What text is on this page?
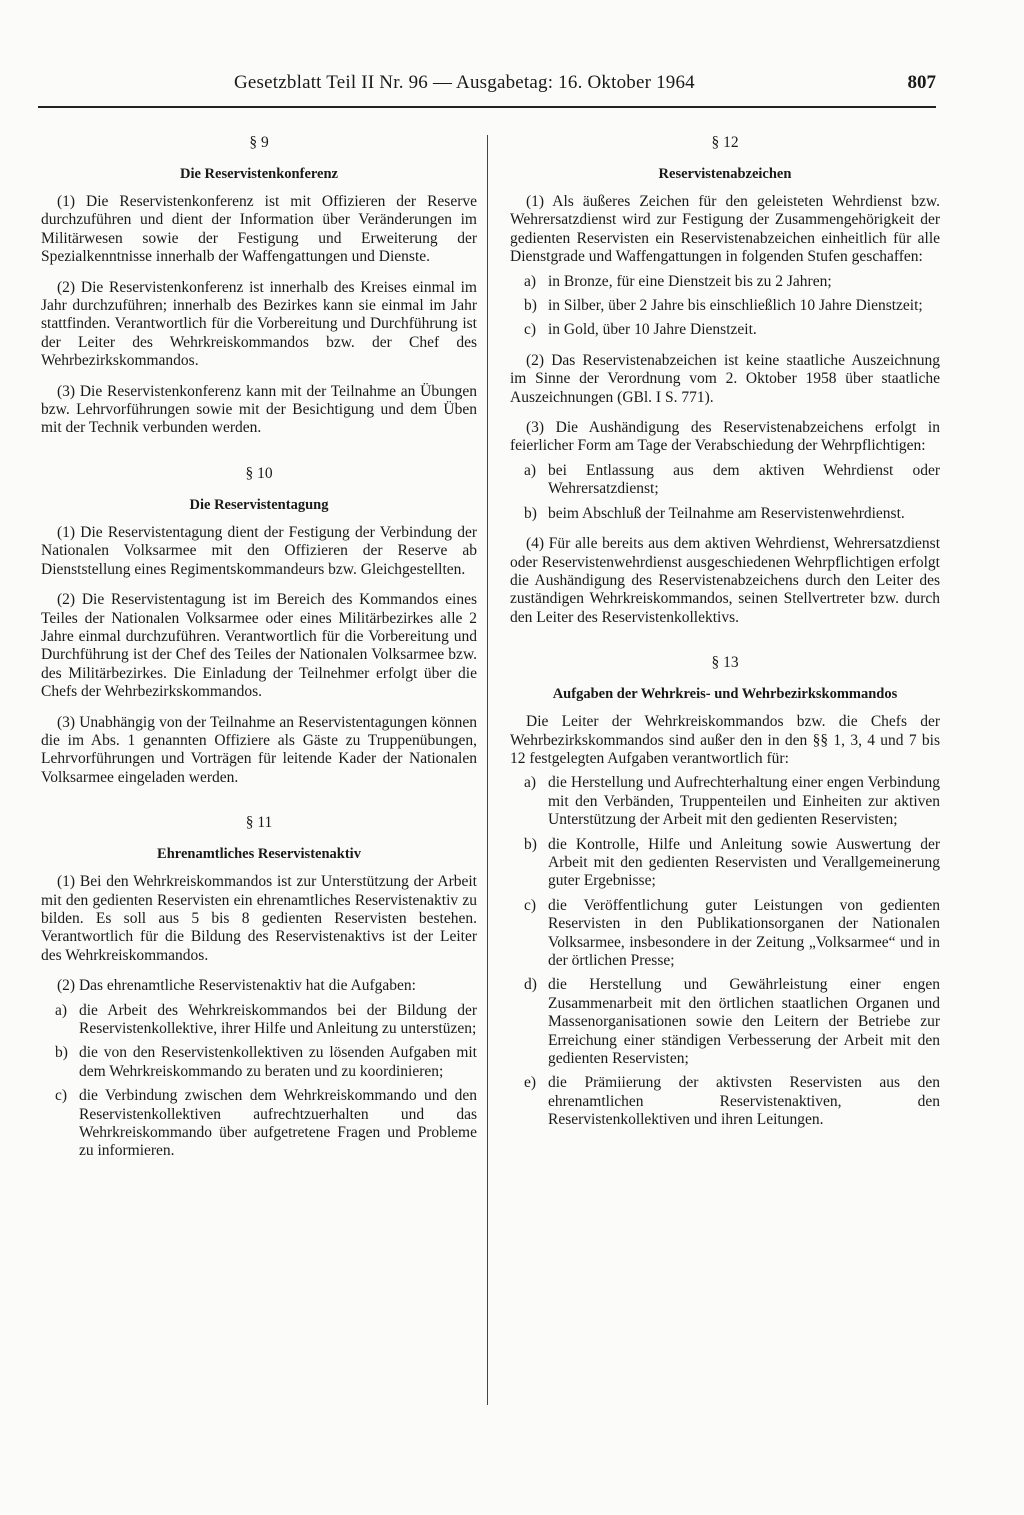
Gesetzblatt Teil II Nr. 96 — Ausgabetag: 16. Oktober 1964	807
§ 9
Die Reservistenkonferenz

(1) Die Reservistenkonferenz ist mit Offizieren der Reserve durchzuführen und dient der Information über Veränderungen im Militärwesen sowie der Festigung und Erweiterung der Spezialkenntnisse innerhalb der Waffengattungen und Dienste.

(2) Die Reservistenkonferenz ist innerhalb des Kreises einmal im Jahr durchzuführen; innerhalb des Bezirkes kann sie einmal im Jahr stattfinden. Verantwortlich für die Vorbereitung und Durchführung ist der Leiter des Wehrkreiskommandos bzw. der Chef des Wehrbezirkskommandos.

(3) Die Reservistenkonferenz kann mit der Teilnahme an Übungen bzw. Lehrvorführungen sowie mit der Besichtigung und dem Üben mit der Technik verbunden werden.

§ 10
Die Reservistentagung

(1) Die Reservistentagung dient der Festigung der Verbindung der Nationalen Volksarmee mit den Offizieren der Reserve ab Dienststellung eines Regimentskommandeurs bzw. Gleichgestellten.

(2) Die Reservistentagung ist im Bereich des Kommandos eines Teiles der Nationalen Volksarmee oder eines Militärbezirkes alle 2 Jahre einmal durchzuführen. Verantwortlich für die Vorbereitung und Durchführung ist der Chef des Teiles der Nationalen Volksarmee bzw. des Militärbezirkes. Die Einladung der Teilnehmer erfolgt über die Chefs der Wehrbezirkskommandos.

(3) Unabhängig von der Teilnahme an Reservistentagungen können die im Abs. 1 genannten Offiziere als Gäste zu Truppenübungen, Lehrvorführungen und Vorträgen für leitende Kader der Nationalen Volksarmee eingeladen werden.

§ 11
Ehrenamtliches Reservistenaktiv

(1) Bei den Wehrkreiskommandos ist zur Unterstützung der Arbeit mit den gedienten Reservisten ein ehrenamtliches Reservistenaktiv zu bilden. Es soll aus 5 bis 8 gedienten Reservisten bestehen. Verantwortlich für die Bildung des Reservistenaktivs ist der Leiter des Wehrkreiskommandos.

(2) Das ehrenamtliche Reservistenaktiv hat die Aufgaben:

a) die Arbeit des Wehrkreiskommandos bei der Bildung der Reservistenkollektive, ihrer Hilfe und Anleitung zu unterstüzen;
b) die von den Reservistenkollektiven zu lösenden Aufgaben mit dem Wehrkreiskommando zu beraten und zu koordinieren;
c) die Verbindung zwischen dem Wehrkreiskommando und den Reservistenkollektiven aufrechtzuerhalten und das Wehrkreiskommando über aufgetretene Fragen und Probleme zu informieren.
§ 12
Reservistenabzeichen

(1) Als äußeres Zeichen für den geleisteten Wehrdienst bzw. Wehrersatzdienst wird zur Festigung der Zusammengehörigkeit der gedienten Reservisten ein Reservistenabzeichen einheitlich für alle Dienstgrade und Waffengattungen in folgenden Stufen geschaffen:

a) in Bronze, für eine Dienstzeit bis zu 2 Jahren;
b) in Silber, über 2 Jahre bis einschließlich 10 Jahre Dienstzeit;
c) in Gold, über 10 Jahre Dienstzeit.

(2) Das Reservistenabzeichen ist keine staatliche Auszeichnung im Sinne der Verordnung vom 2. Oktober 1958 über staatliche Auszeichnungen (GBl. I S. 771).

(3) Die Aushändigung des Reservistenabzeichens erfolgt in feierlicher Form am Tage der Verabschiedung der Wehrpflichtigen:

a) bei Entlassung aus dem aktiven Wehrdienst oder Wehrersatzdienst;
b) beim Abschluß der Teilnahme am Reservistenwehrdienst.

(4) Für alle bereits aus dem aktiven Wehrdienst, Wehrersatzdienst oder Reservistenwehrdienst ausgeschiedenen Wehrpflichtigen erfolgt die Aushändigung des Reservistenabzeichens durch den Leiter des zuständigen Wehrkreiskommandos, seinen Stellvertreter bzw. durch den Leiter des Reservistenkollektivs.

§ 13
Aufgaben der Wehrkreis- und Wehrbezirkskommandos

Die Leiter der Wehrkreiskommandos bzw. die Chefs der Wehrbezirkskommandos sind außer den in den §§ 1, 3, 4 und 7 bis 12 festgelegten Aufgaben verantwortlich für:

a) die Herstellung und Aufrechterhaltung einer engen Verbindung mit den Verbänden, Truppenteilen und Einheiten zur aktiven Unterstützung der Arbeit mit den gedienten Reservisten;
b) die Kontrolle, Hilfe und Anleitung sowie Auswertung der Arbeit mit den gedienten Reservisten und Verallgemeinerung guter Ergebnisse;
c) die Veröffentlichung guter Leistungen von gedienten Reservisten in den Publikationsorganen der Nationalen Volksarmee, insbesondere in der Zeitung „Volksarmee“ und in der örtlichen Presse;
d) die Herstellung und Gewährleistung einer engen Zusammenarbeit mit den örtlichen staatlichen Organen und Massenorganisationen sowie den Leitern der Betriebe zur Erreichung einer ständigen Verbesserung der Arbeit mit den gedienten Reservisten;
e) die Prämiierung der aktivsten Reservisten aus den ehrenamtlichen Reservistenaktiven, den Reservistenkollektiven und ihren Leitungen.
